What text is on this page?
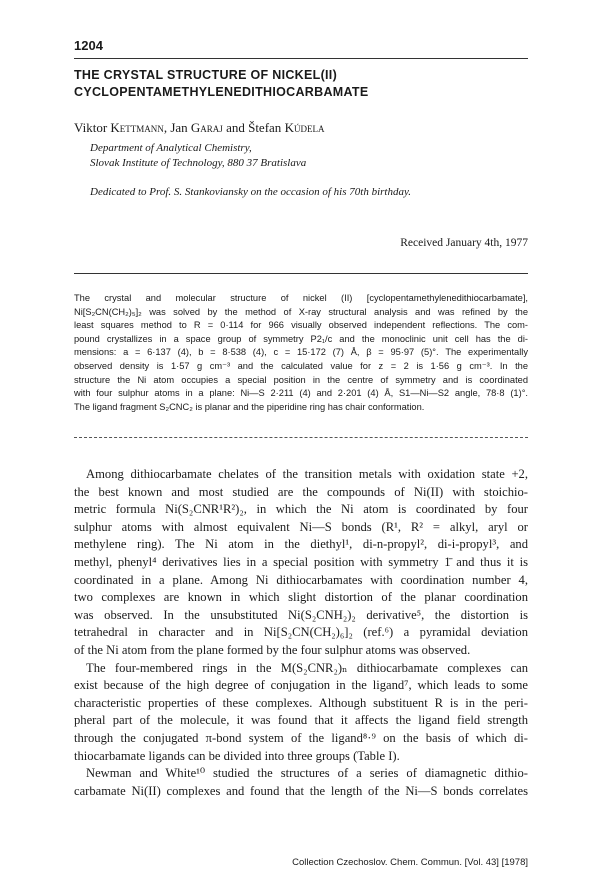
1204
THE CRYSTAL STRUCTURE OF NICKEL(II)
CYCLOPENTAMETHYLENEDITHIOCARBAMATE
Viktor Kettmann, Jan Garaj and Štefan Kúdela
Department of Analytical Chemistry,
Slovak Institute of Technology, 880 37 Bratislava
Dedicated to Prof. S. Stankoviansky on the occasion of his 70th birthday.
Received January 4th, 1977
The crystal and molecular structure of nickel (II) [cyclopentamethylenedithiocarbamate],
Ni[S₂CN(CH₂)₅]₂ was solved by the method of X-ray structural analysis and was refined by the
least squares method to R = 0·114 for 966 visually observed independent reflections. The com-
pound crystallizes in a space group of symmetry P2₁/c and the monoclinic unit cell has the di-
mensions: a = 6·137 (4), b = 8·538 (4), c = 15·172 (7) Å, β = 95·97 (5)°. The experimentally
observed density is 1·57 g cm⁻³ and the calculated value for z = 2 is 1·56 g cm⁻³. In the
structure the Ni atom occupies a special position in the centre of symmetry and is coordinated
with four sulphur atoms in a plane: Ni—S 2·211 (4) and 2·201 (4) Å, S1—Ni—S2 angle, 78·8 (1)°.
The ligand fragment S₂CNC₂ is planar and the piperidine ring has chair conformation.
Among dithiocarbamate chelates of the transition metals with oxidation state +2,
the best known and most studied are the compounds of Ni(II) with stoichio-
metric formula Ni(S₂CNR¹R²)₂, in which the Ni atom is coordinated by four
sulphur atoms with almost equivalent Ni—S bonds (R¹, R² = alkyl, aryl or
methylene ring). The Ni atom in the diethyl¹, di-n-propyl², di-i-propyl³, and
methyl, phenyl⁴ derivatives lies in a special position with symmetry 1̄ and thus it is
coordinated in a plane. Among Ni dithiocarbamates with coordination number 4,
two complexes are known in which slight distortion of the planar coordination
was observed. In the unsubstituted Ni(S₂CNH₂)₂ derivative⁵, the distortion is
tetrahedral in character and in Ni[S₂CN(CH₂)₆]₂ (ref.⁶) a pyramidal deviation
of the Ni atom from the plane formed by the four sulphur atoms was observed.
The four-membered rings in the M(S₂CNR₂)ₙ dithiocarbamate complexes can
exist because of the high degree of conjugation in the ligand⁷, which leads to some
characteristic properties of these complexes. Although substituent R is in the peri-
pheral part of the molecule, it was found that it affects the ligand field strength
through the conjugated π-bond system of the ligand⁸·⁹ on the basis of which di-
thiocarbamate ligands can be divided into three groups (Table I).
Newman and White¹⁰ studied the structures of a series of diamagnetic dithio-
carbamate Ni(II) complexes and found that the length of the Ni—S bonds correlates
Collection Czechoslov. Chem. Commun. [Vol. 43] [1978]
